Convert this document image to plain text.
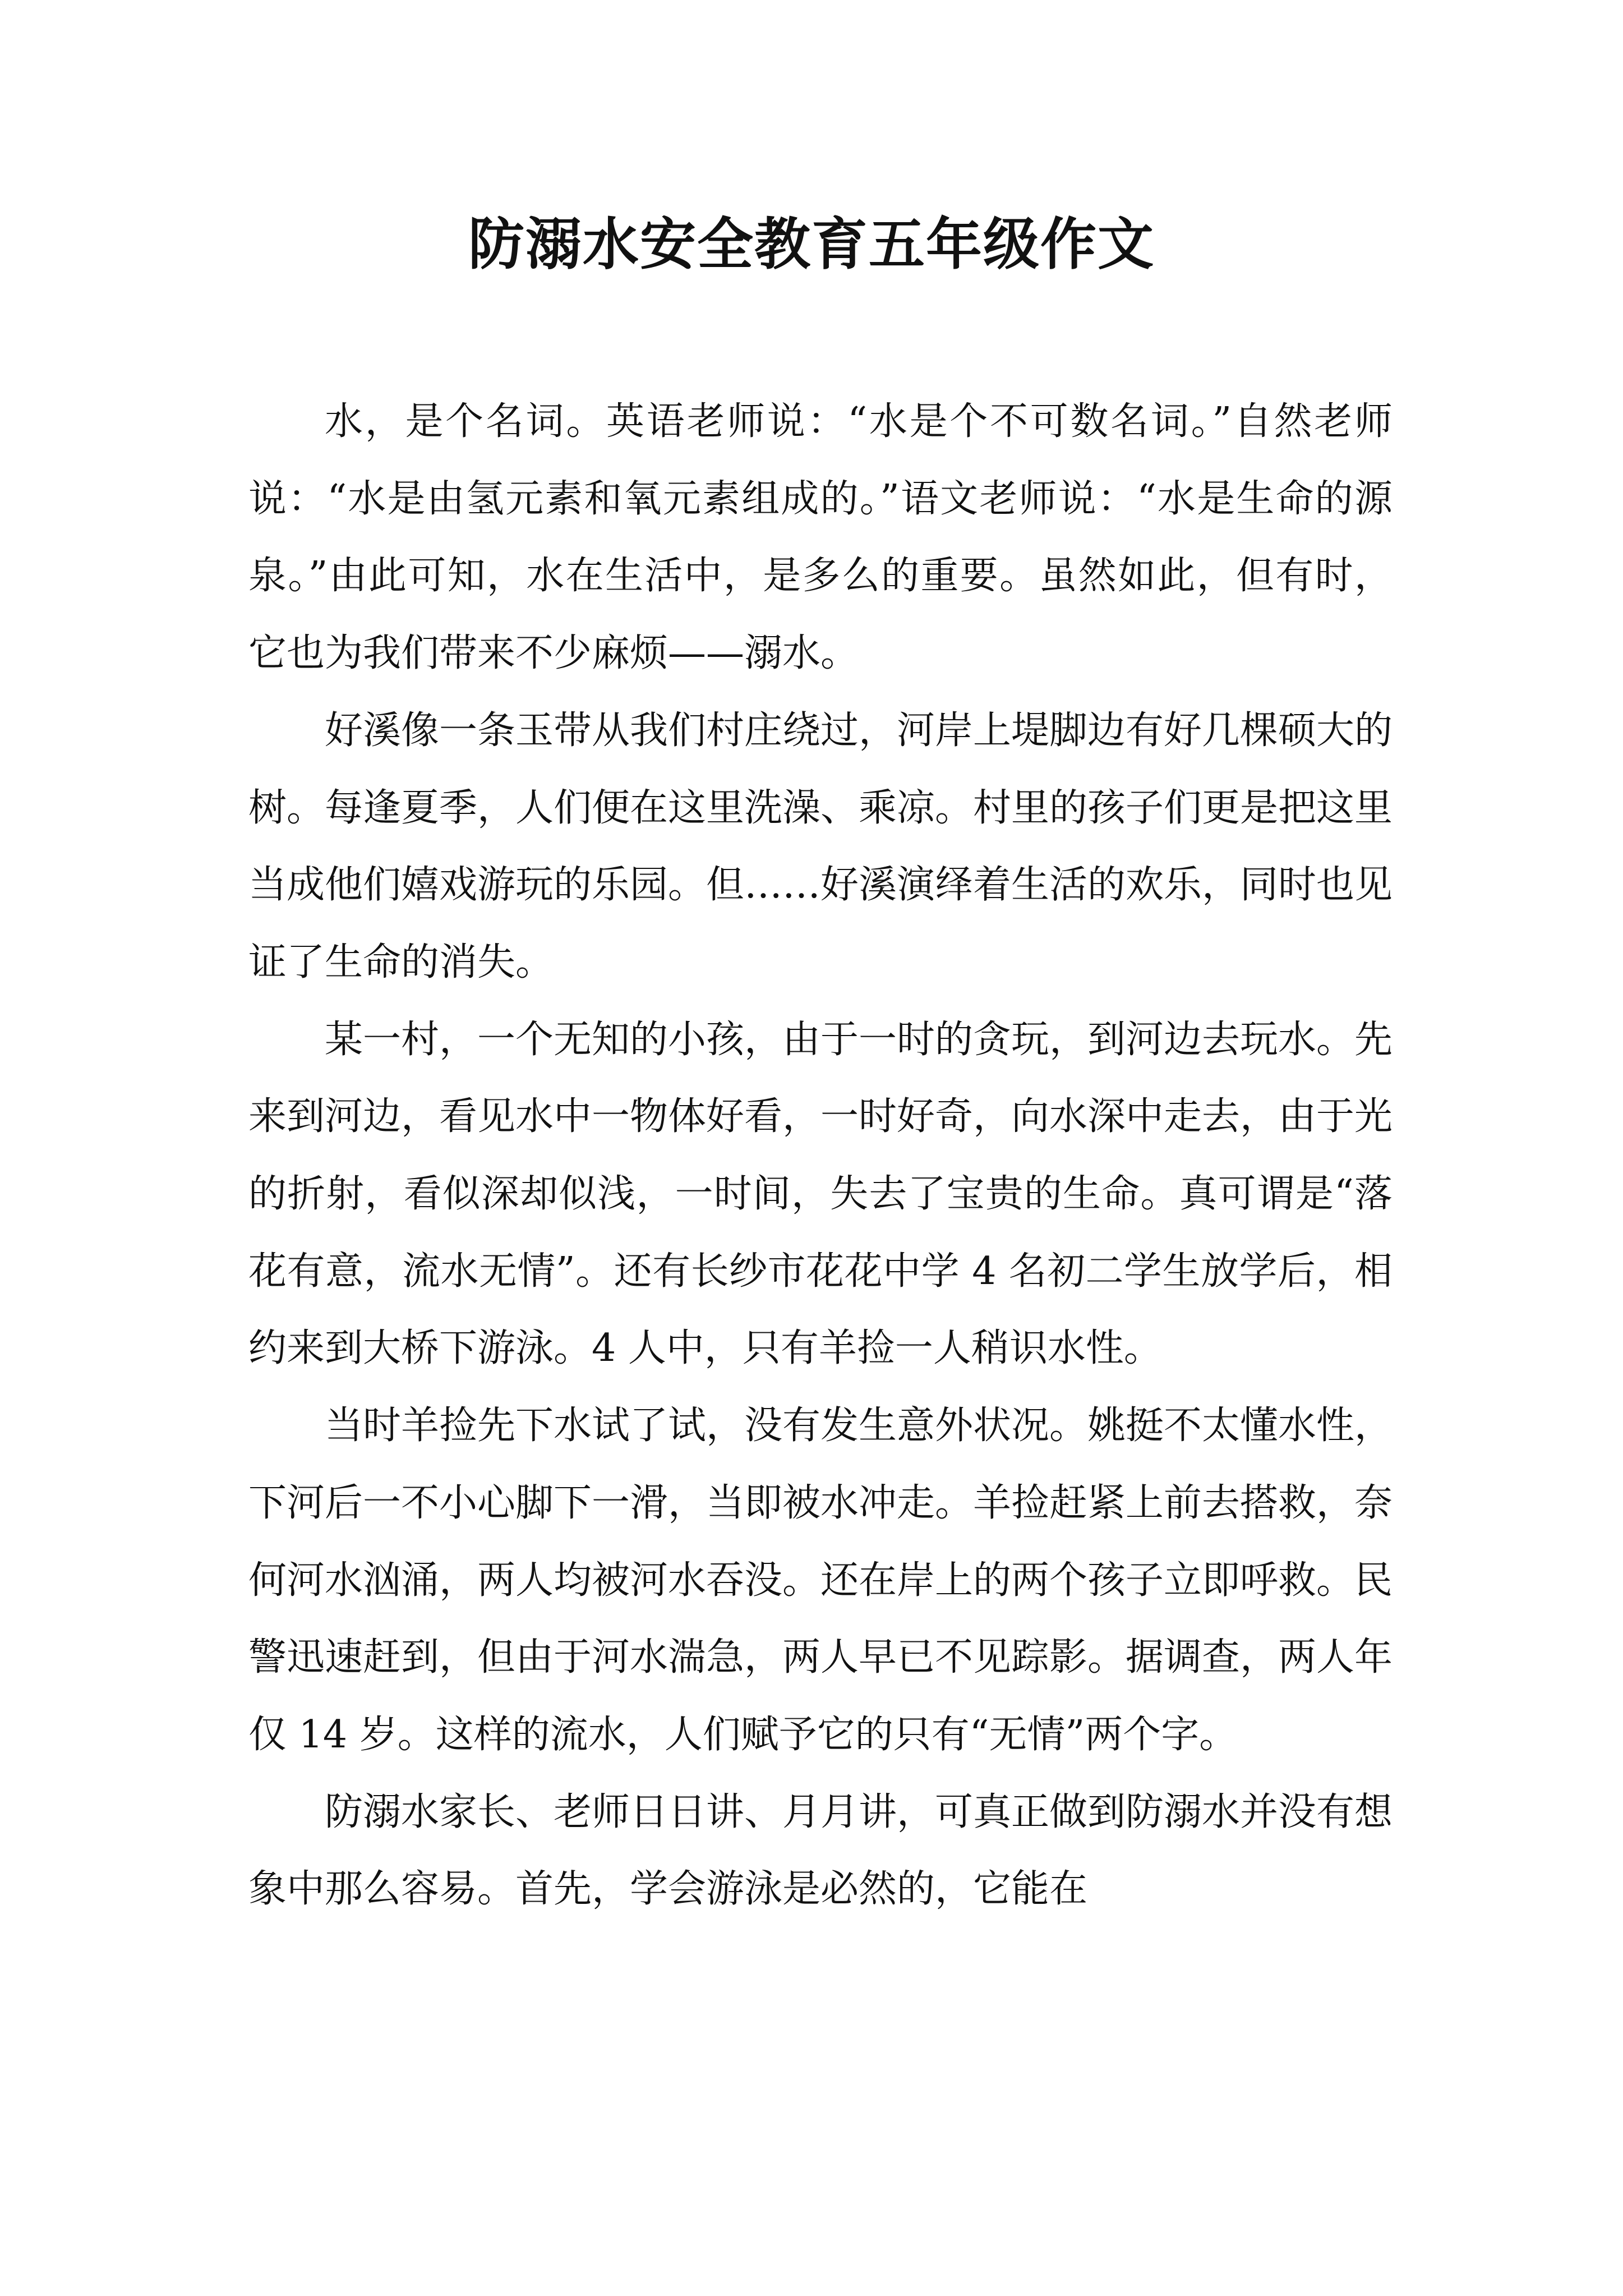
防溺水安全教育五年级作文

水，是个名词。英语老师说：“水是个不可数名词。”自然老师说：“水是由氢元素和氧元素组成的。”语文老师说：“水是生命的源泉。”由此可知，水在生活中，是多么的重要。虽然如此，但有时，它也为我们带来不少麻烦——溺水。

好溪像一条玉带从我们村庄绕过，河岸上堤脚边有好几棵硕大的树。每逢夏季，人们便在这里洗澡、乘凉。村里的孩子们更是把这里当成他们嬉戏游玩的乐园。但……好溪演绎着生活的欢乐，同时也见证了生命的消失。

某一村，一个无知的小孩，由于一时的贪玩，到河边去玩水。先来到河边，看见水中一物体好看，一时好奇，向水深中走去，由于光的折射，看似深却似浅，一时间，失去了宝贵的生命。真可谓是“落花有意，流水无情”。还有长纱市花花中学 4 名初二学生放学后，相约来到大桥下游泳。4 人中，只有羊捡一人稍识水性。

当时羊捡先下水试了试，没有发生意外状况。姚挺不太懂水性，下河后一不小心脚下一滑，当即被水冲走。羊捡赶紧上前去搭救，奈何河水汹涌，两人均被河水吞没。还在岸上的两个孩子立即呼救。民警迅速赶到，但由于河水湍急，两人早已不见踪影。据调查，两人年仅 14 岁。这样的流水，人们赋予它的只有“无情”两个字。

防溺水家长、老师日日讲、月月讲，可真正做到防溺水并没有想象中那么容易。首先，学会游泳是必然的，它能在
